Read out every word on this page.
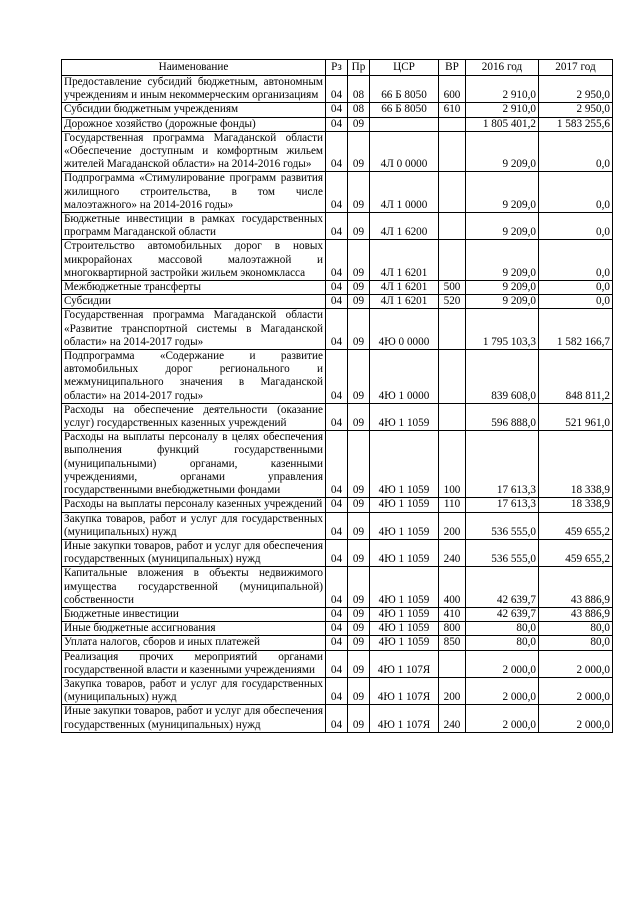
Наименование	Рз	Пр	ЦСР	ВР	2016 год	2017 год
Предоставление субсидий бюджетным, автономным учреждениям и иным некоммерческим организациям	04	08	66 Б 8050	600	2 910,0	2 950,0
Субсидии бюджетным учреждениям	04	08	66 Б 8050	610	2 910,0	2 950,0
Дорожное хозяйство (дорожные фонды)	04	09			1 805 401,2	1 583 255,6
Государственная программа Магаданской области «Обеспечение доступным и комфортным жильем жителей Магаданской области» на 2014-2016 годы»	04	09	4Л 0 0000		9 209,0	0,0
Подпрограмма «Стимулирование программ развития жилищного строительства, в том числе малоэтажного» на 2014-2016 годы»	04	09	4Л 1 0000		9 209,0	0,0
Бюджетные инвестиции в рамках государственных программ Магаданской области	04	09	4Л 1 6200		9 209,0	0,0
Строительство автомобильных дорог в новых микрорайонах массовой малоэтажной и многоквартирной застройки жильем экономкласса	04	09	4Л 1 6201		9 209,0	0,0
Межбюджетные трансферты	04	09	4Л 1 6201	500	9 209,0	0,0
Субсидии	04	09	4Л 1 6201	520	9 209,0	0,0
Государственная программа Магаданской области «Развитие транспортной системы в Магаданской области» на 2014-2017 годы»	04	09	4Ю 0 0000		1 795 103,3	1 582 166,7
Подпрограмма «Содержание и развитие автомобильных дорог регионального и межмуниципального значения в Магаданской области» на 2014-2017 годы»	04	09	4Ю 1 0000		839 608,0	848 811,2
Расходы на обеспечение деятельности (оказание услуг) государственных казенных учреждений	04	09	4Ю 1 1059		596 888,0	521 961,0
Расходы на выплаты персоналу в целях обеспечения выполнения функций государственными (муниципальными) органами, казенными учреждениями, органами управления государственными внебюджетными фондами	04	09	4Ю 1 1059	100	17 613,3	18 338,9
Расходы на выплаты персоналу казенных учреждений	04	09	4Ю 1 1059	110	17 613,3	18 338,9
Закупка товаров, работ и услуг для государственных (муниципальных) нужд	04	09	4Ю 1 1059	200	536 555,0	459 655,2
Иные закупки товаров, работ и услуг для обеспечения государственных (муниципальных) нужд	04	09	4Ю 1 1059	240	536 555,0	459 655,2
Капитальные вложения в объекты недвижимого имущества государственной (муниципальной) собственности	04	09	4Ю 1 1059	400	42 639,7	43 886,9
Бюджетные инвестиции	04	09	4Ю 1 1059	410	42 639,7	43 886,9
Иные бюджетные ассигнования	04	09	4Ю 1 1059	800	80,0	80,0
Уплата налогов, сборов и иных платежей	04	09	4Ю 1 1059	850	80,0	80,0
Реализация прочих мероприятий органами государственной власти и казенными учреждениями	04	09	4Ю 1 107Я		2 000,0	2 000,0
Закупка товаров, работ и услуг для государственных (муниципальных) нужд	04	09	4Ю 1 107Я	200	2 000,0	2 000,0
Иные закупки товаров, работ и услуг для обеспечения государственных (муниципальных) нужд	04	09	4Ю 1 107Я	240	2 000,0	2 000,0
